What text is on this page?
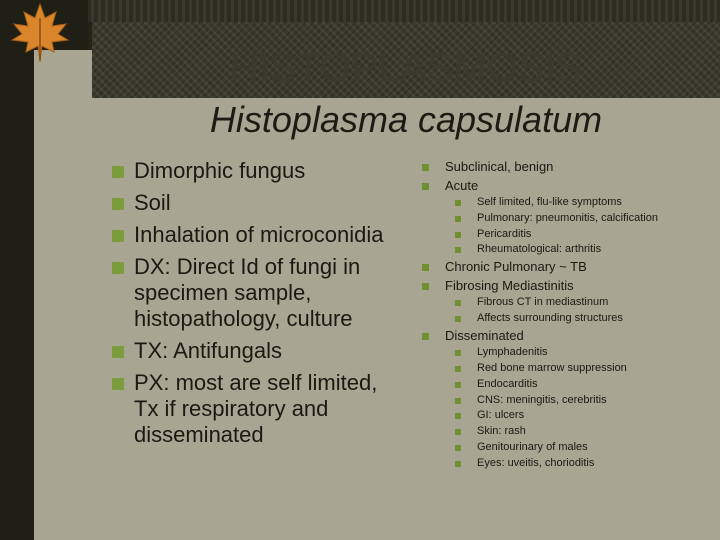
HISTOPLASMOSIS
Histoplasma capsulatum
Dimorphic fungus
Soil
Inhalation of microconidia
DX: Direct Id of fungi in specimen sample, histopathology, culture
TX: Antifungals
PX: most are self limited, Tx if respiratory and disseminated
Subclinical, benign
Acute
Self limited, flu-like symptoms
Pulmonary: pneumonitis, calcification
Pericarditis
Rheumatological: arthritis
Chronic Pulmonary ~ TB
Fibrosing Mediastinitis
Fibrous CT in mediastinum
Affects surrounding structures
Disseminated
Lymphadenitis
Red bone marrow suppression
Endocarditis
CNS: meningitis, cerebritis
GI: ulcers
Skin: rash
Genitourinary of males
Eyes: uveitis, chorioditis
